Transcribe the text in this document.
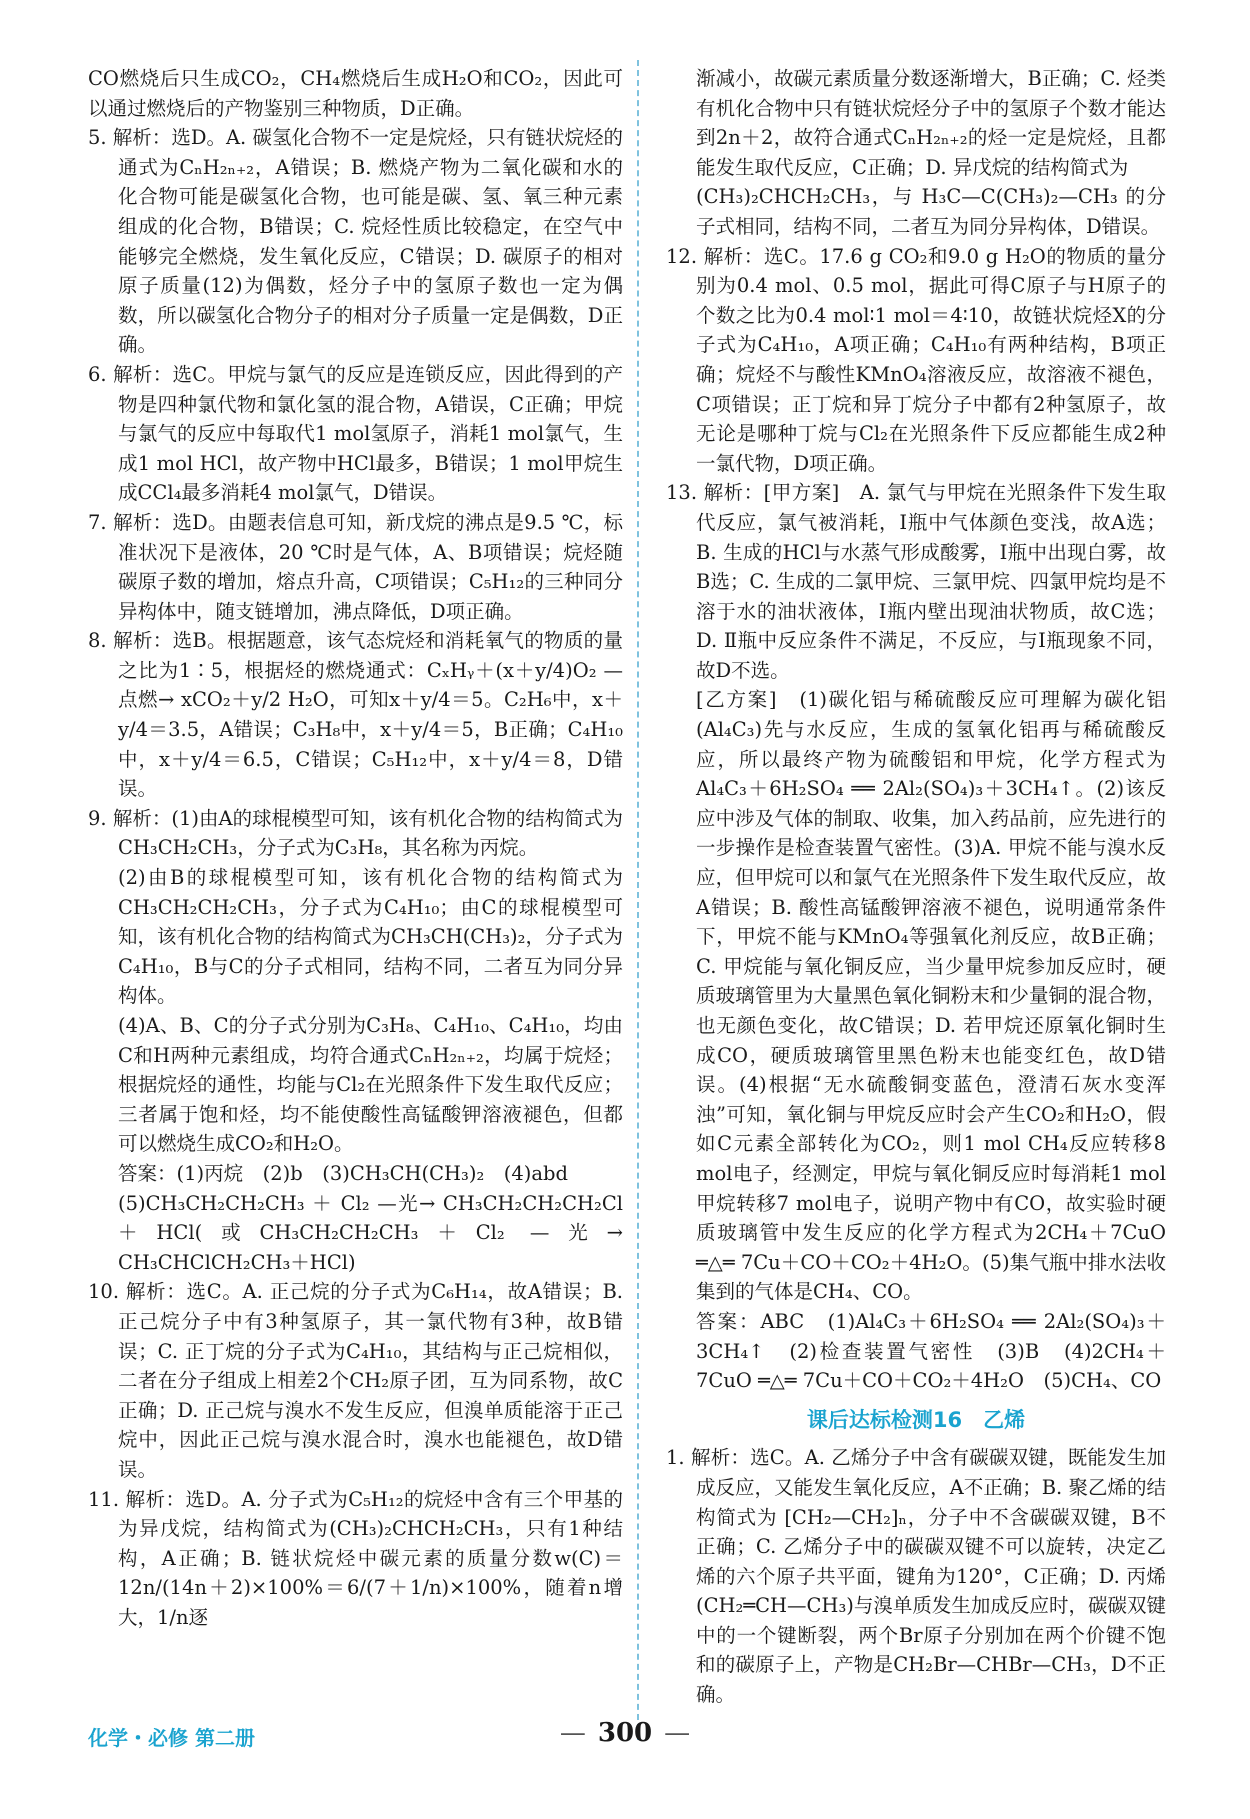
CO燃烧后只生成CO₂，CH₄燃烧后生成H₂O和CO₂，因此可以通过燃烧后的产物鉴别三种物质，D正确。

5. 解析：选D。A. 碳氢化合物不一定是烷烃，只有链状烷烃的通式为CₙH₂ₙ₊₂，A错误；B. 燃烧产物为二氧化碳和水的化合物可能是碳氢化合物，也可能是碳、氢、氧三种元素组成的化合物，B错误；C. 烷烃性质比较稳定，在空气中能够完全燃烧，发生氧化反应，C错误；D. 碳原子的相对原子质量(12)为偶数，烃分子中的氢原子数也一定为偶数，所以碳氢化合物分子的相对分子质量一定是偶数，D正确。

6. 解析：选C。甲烷与氯气的反应是连锁反应，因此得到的产物是四种氯代物和氯化氢的混合物，A错误，C正确；甲烷与氯气的反应中每取代1 mol氢原子，消耗1 mol氯气，生成1 mol HCl，故产物中HCl最多，B错误；1 mol甲烷生成CCl₄最多消耗4 mol氯气，D错误。

7. 解析：选D。由题表信息可知，新戊烷的沸点是9.5 ℃，标准状况下是液体，20 ℃时是气体，A、B项错误；烷烃随碳原子数的增加，熔点升高，C项错误；C₅H₁₂的三种同分异构体中，随支链增加，沸点降低，D项正确。

8. 解析：选B。根据题意，该气态烷烃和消耗氧气的物质的量之比为1∶5，根据烃的燃烧通式：CₓHᵧ＋(x＋y/4)O₂ —点燃→ xCO₂＋y/2 H₂O，可知x＋y/4＝5。C₂H₆中，x＋y/4＝3.5，A错误；C₃H₈中，x＋y/4＝5，B正确；C₄H₁₀中，x＋y/4＝6.5，C错误；C₅H₁₂中，x＋y/4＝8，D错误。

9. 解析：(1)由A的球棍模型可知，该有机化合物的结构简式为CH₃CH₂CH₃，分子式为C₃H₈，其名称为丙烷。

(2)由B的球棍模型可知，该有机化合物的结构简式为CH₃CH₂CH₂CH₃，分子式为C₄H₁₀；由C的球棍模型可知，该有机化合物的结构简式为CH₃CH(CH₃)₂，分子式为C₄H₁₀，B与C的分子式相同，结构不同，二者互为同分异构体。

(4)A、B、C的分子式分别为C₃H₈、C₄H₁₀、C₄H₁₀，均由C和H两种元素组成，均符合通式CₙH₂ₙ₊₂，均属于烷烃；根据烷烃的通性，均能与Cl₂在光照条件下发生取代反应；三者属于饱和烃，均不能使酸性高锰酸钾溶液褪色，但都可以燃烧生成CO₂和H₂O。

答案：(1)丙烷　(2)b　(3)CH₃CH(CH₃)₂　(4)abd

(5)CH₃CH₂CH₂CH₃ ＋ Cl₂ —光→ CH₃CH₂CH₂CH₂Cl＋HCl(或CH₃CH₂CH₂CH₃＋Cl₂ —光→ CH₃CHClCH₂CH₃＋HCl)

10. 解析：选C。A. 正己烷的分子式为C₆H₁₄，故A错误；B. 正己烷分子中有3种氢原子，其一氯代物有3种，故B错误；C. 正丁烷的分子式为C₄H₁₀，其结构与正己烷相似，二者在分子组成上相差2个CH₂原子团，互为同系物，故C正确；D. 正己烷与溴水不发生反应，但溴单质能溶于正己烷中，因此正己烷与溴水混合时，溴水也能褪色，故D错误。

11. 解析：选D。A. 分子式为C₅H₁₂的烷烃中含有三个甲基的为异戊烷，结构简式为(CH₃)₂CHCH₂CH₃，只有1种结构，A正确；B. 链状烷烃中碳元素的质量分数w(C)＝12n/(14n＋2)×100%＝6/(7＋1/n)×100%，随着n增大，1/n逐

渐减小，故碳元素质量分数逐渐增大，B正确；C. 烃类有机化合物中只有链状烷烃分子中的氢原子个数才能达到2n＋2，故符合通式CₙH₂ₙ₊₂的烃一定是烷烃，且都能发生取代反应，C正确；D. 异戊烷的结构简式为

(CH₃)₂CHCH₂CH₃，与 H₃C—C(CH₃)₂—CH₃ 的分子式相同，结构不同，二者互为同分异构体，D错误。

12. 解析：选C。17.6 g CO₂和9.0 g H₂O的物质的量分别为0.4 mol、0.5 mol，据此可得C原子与H原子的个数之比为0.4 mol∶1 mol＝4∶10，故链状烷烃X的分子式为C₄H₁₀，A项正确；C₄H₁₀有两种结构，B项正确；烷烃不与酸性KMnO₄溶液反应，故溶液不褪色，C项错误；正丁烷和异丁烷分子中都有2种氢原子，故无论是哪种丁烷与Cl₂在光照条件下反应都能生成2种一氯代物，D项正确。

13. 解析：[甲方案]　A. 氯气与甲烷在光照条件下发生取代反应，氯气被消耗，Ⅰ瓶中气体颜色变浅，故A选；B. 生成的HCl与水蒸气形成酸雾，Ⅰ瓶中出现白雾，故B选；C. 生成的二氯甲烷、三氯甲烷、四氯甲烷均是不溶于水的油状液体，Ⅰ瓶内壁出现油状物质，故C选；D. Ⅱ瓶中反应条件不满足，不反应，与Ⅰ瓶现象不同，故D不选。

[乙方案]　(1)碳化铝与稀硫酸反应可理解为碳化铝(Al₄C₃)先与水反应，生成的氢氧化铝再与稀硫酸反应，所以最终产物为硫酸铝和甲烷，化学方程式为Al₄C₃＋6H₂SO₄ ══ 2Al₂(SO₄)₃＋3CH₄↑。(2)该反应中涉及气体的制取、收集，加入药品前，应先进行的一步操作是检查装置气密性。(3)A. 甲烷不能与溴水反应，但甲烷可以和氯气在光照条件下发生取代反应，故A错误；B. 酸性高锰酸钾溶液不褪色，说明通常条件下，甲烷不能与KMnO₄等强氧化剂反应，故B正确；C. 甲烷能与氧化铜反应，当少量甲烷参加反应时，硬质玻璃管里为大量黑色氧化铜粉末和少量铜的混合物，也无颜色变化，故C错误；D. 若甲烷还原氧化铜时生成CO，硬质玻璃管里黑色粉末也能变红色，故D错误。(4)根据“无水硫酸铜变蓝色，澄清石灰水变浑浊”可知，氧化铜与甲烷反应时会产生CO₂和H₂O，假如C元素全部转化为CO₂，则1 mol CH₄反应转移8 mol电子，经测定，甲烷与氧化铜反应时每消耗1 mol甲烷转移7 mol电子，说明产物中有CO，故实验时硬质玻璃管中发生反应的化学方程式为2CH₄＋7CuO ═△═ 7Cu＋CO＋CO₂＋4H₂O。(5)集气瓶中排水法收集到的气体是CH₄、CO。

答案：ABC　(1)Al₄C₃＋6H₂SO₄ ══ 2Al₂(SO₄)₃＋3CH₄↑　(2)检查装置气密性　(3)B　(4)2CH₄＋7CuO ═△═ 7Cu＋CO＋CO₂＋4H₂O　(5)CH₄、CO

课后达标检测16　乙烯

1. 解析：选C。A. 乙烯分子中含有碳碳双键，既能发生加成反应，又能发生氧化反应，A不正确；B. 聚乙烯的结构简式为 [CH₂—CH₂]ₙ，分子中不含碳碳双键，B不正确；C. 乙烯分子中的碳碳双键不可以旋转，决定乙烯的六个原子共平面，键角为120°，C正确；D. 丙烯(CH₂═CH—CH₃)与溴单质发生加成反应时，碳碳双键中的一个键断裂，两个Br原子分别加在两个价键不饱和的碳原子上，产物是CH₂Br—CHBr—CH₃，D不正确。

化学・必修 第二册	— 300 —
